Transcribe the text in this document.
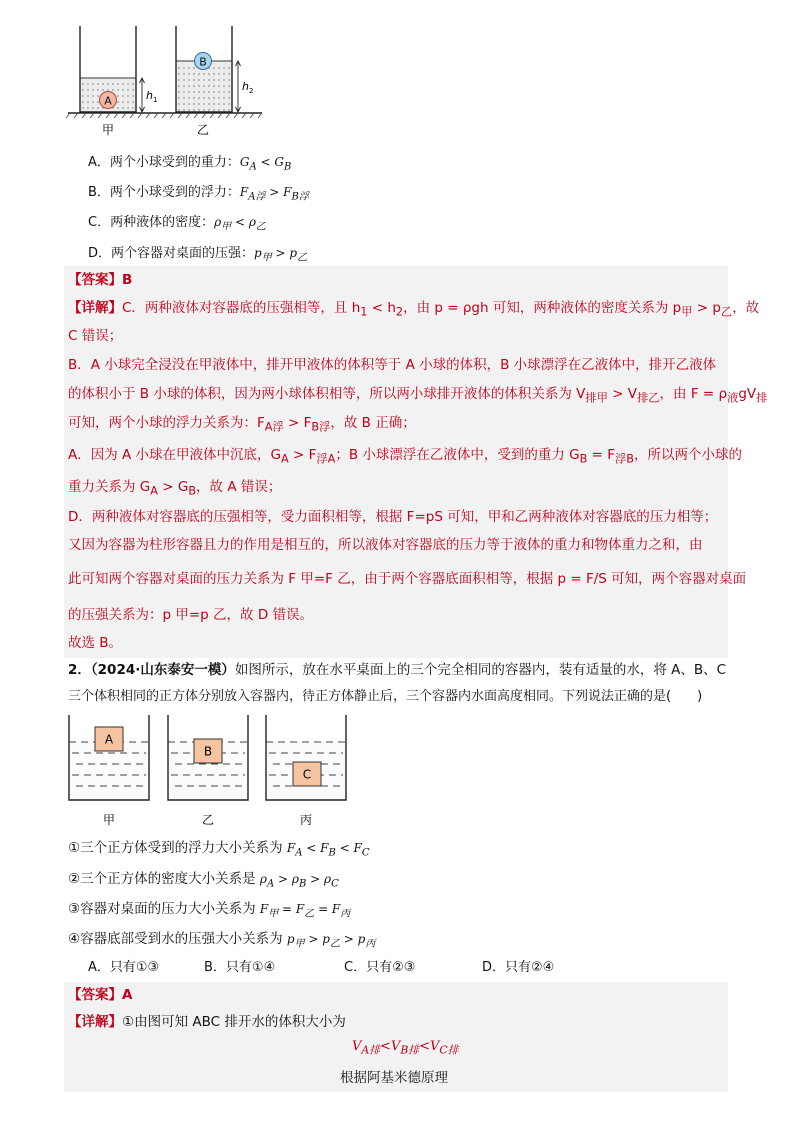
A	h 1
B
h 2
甲	乙
A．两个小球受到的重力：$G_A < G_B$
B．两个小球受到的浮力：$F_{A浮} > F_{B浮}$
C．两种液体的密度：$\rho_甲 < \rho_乙$
D．两个容器对桌面的压强：$p_甲 > p_乙$
【答案】B
【详解】C．两种液体对容器底的压强相等，且 $h_1 < h_2$，由 p = ρgh 可知，两种液体的密度关系为 $p_甲 > p_乙$，故
C 错误；
B．A 小球完全浸没在甲液体中，排开甲液体的体积等于 A 小球的体积，B 小球漂浮在乙液体中，排开乙液体
的体积小于 B 小球的体积，因为两小球体积相等，所以两小球排开液体的体积关系为 $V_{排甲} > V_{排乙}$，由 $F = \rho_液gV_排$
可知，两个小球的浮力关系为：$F_{A浮} > F_{B浮}$，故 B 正确；
A．因为 A 小球在甲液体中沉底，$G_A > F_{浮A}$；B 小球漂浮在乙液体中，受到的重力 $G_B = F_{浮B}$，所以两个小球的
重力关系为 $G_A > G_B$，故 A 错误；
D．两种液体对容器底的压强相等，受力面积相等，根据 F=pS 可知，甲和乙两种液体对容器底的压力相等；
又因为容器为柱形容器且力的作用是相互的，所以液体对容器底的压力等于液体的重力和物体重力之和，由
此可知两个容器对桌面的压力关系为 F 甲=F 乙，由于两个容器底面积相等，根据 p = F/S 可知，两个容器对桌面
的压强关系为：p 甲=p 乙，故 D 错误。
故选 B。
2．（2024·山东泰安一模）如图所示，放在水平桌面上的三个完全相同的容器内，装有适量的水，将 A、B、C
三个体积相同的正方体分别放入容器内，待正方体静止后，三个容器内水面高度相同。下列说法正确的是(　　)
A
B
C
甲	乙	丙
①三个正方体受到的浮力大小关系为 $F_A < F_B < F_C$
②三个正方体的密度大小关系是 $\rho_A > \rho_B > \rho_C$
③容器对桌面的压力大小关系为 $F_甲 = F_乙 = F_丙$
④容器底部受到水的压强大小关系为 $p_甲 > p_乙 > p_丙$
A．只有①③	B．只有①④	C．只有②③	D．只有②④
【答案】A
【详解】①由图可知 ABC 排开水的体积大小为
$V_{A排}<V_{B排}<V_{C排}$
根据阿基米德原理
